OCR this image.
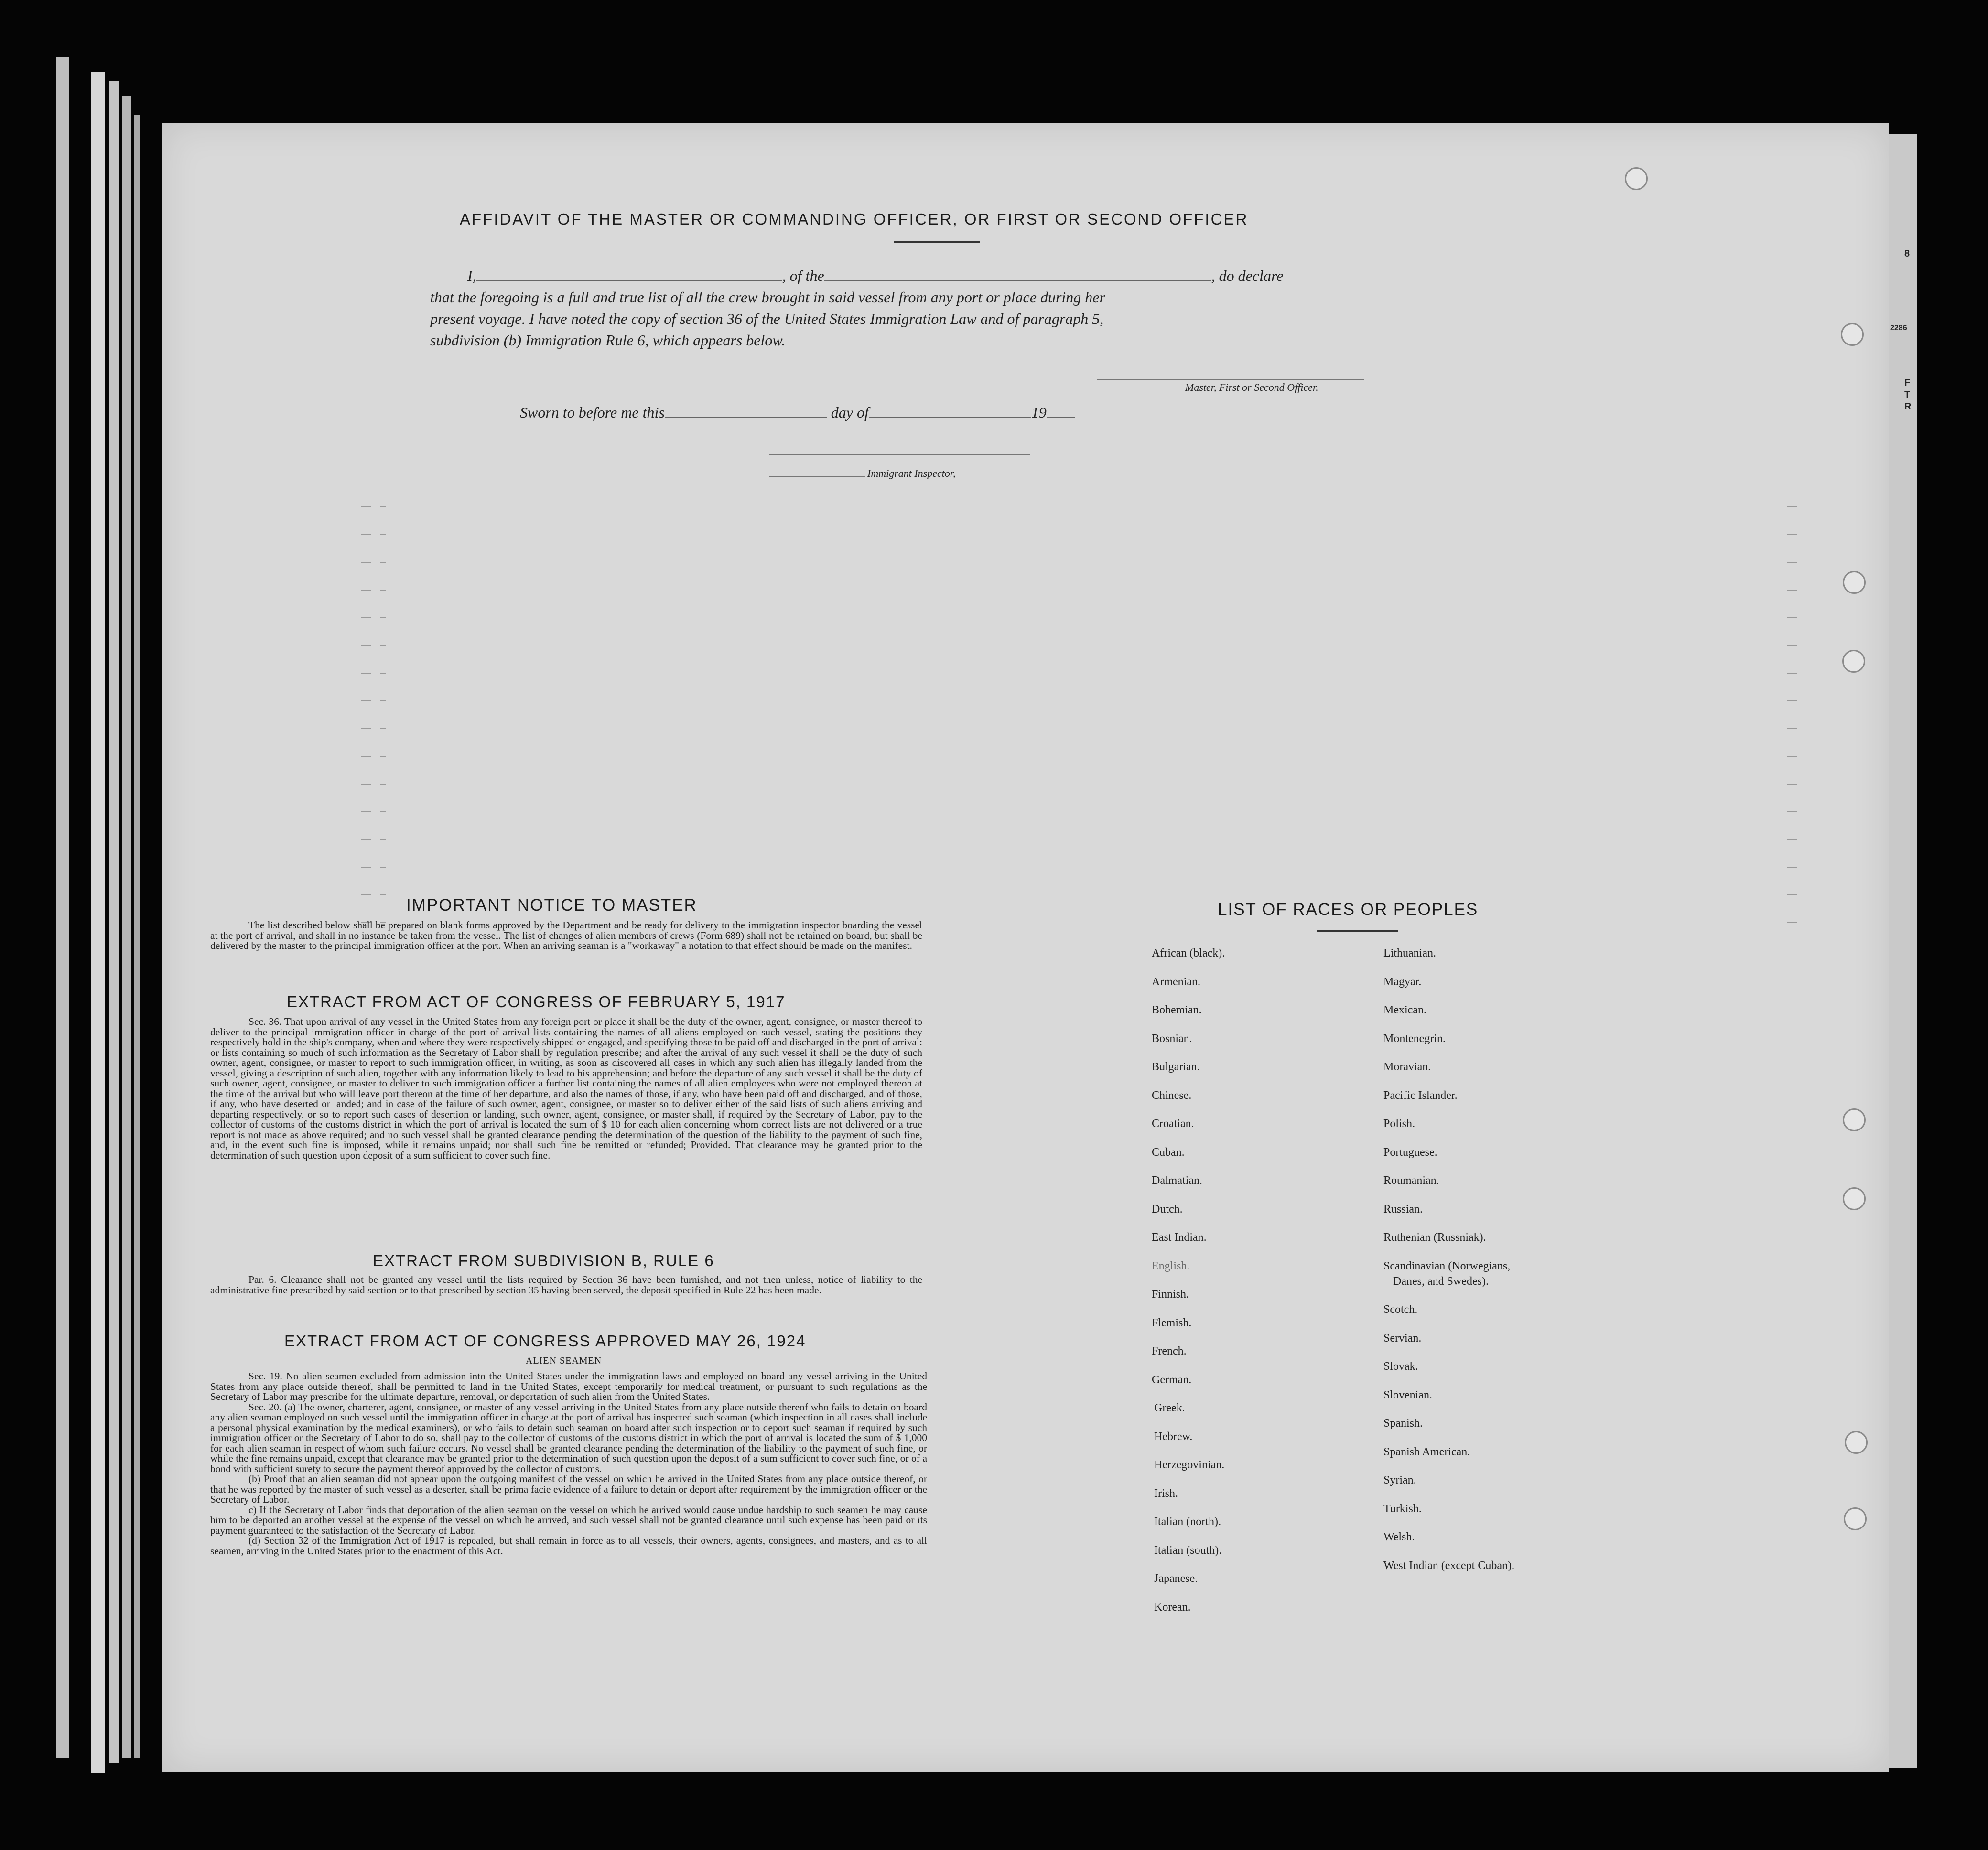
8
2286
F
T
R
AFFIDAVIT OF THE MASTER OR COMMANDING OFFICER, OR FIRST OR SECOND OFFICER
I,	, of the	, do declare
that the foregoing is a full and true list of all the crew brought in said vessel from any port or place during her
present voyage. I have noted the copy of section 36 of the United States Immigration Law and of paragraph 5,
subdivision (b) Immigration Rule 6, which appears below.
Master, First or Second Officer.
Sworn to before me this	day of	19
Immigrant Inspector,
IMPORTANT NOTICE TO MASTER

The list described below shall be prepared on blank forms approved by the Department and be ready for delivery to the immigration inspector boarding the vessel at the port of arrival, and shall in no instance be taken from the vessel. The list of changes of alien members of crews (Form 689) shall not be retained on board, but shall be delivered by the master to the principal immigration officer at the port. When an arriving seaman is a "workaway" a notation to that effect should be made on the manifest.

EXTRACT FROM ACT OF CONGRESS OF FEBRUARY 5, 1917

Sec. 36. That upon arrival of any vessel in the United States from any foreign port or place it shall be the duty of the owner, agent, consignee, or master thereof to deliver to the principal immigration officer in charge of the port of arrival lists containing the names of all aliens employed on such vessel, stating the positions they respectively hold in the ship's company, when and where they were respectively shipped or engaged, and specifying those to be paid off and discharged in the port of arrival: or lists containing so much of such information as the Secretary of Labor shall by regulation prescribe; and after the arrival of any such vessel it shall be the duty of such owner, agent, consignee, or master to report to such immigration officer, in writing, as soon as discovered all cases in which any such alien has illegally landed from the vessel, giving a description of such alien, together with any information likely to lead to his apprehension; and before the departure of any such vessel it shall be the duty of such owner, agent, consignee, or master to deliver to such immigration officer a further list containing the names of all alien employees who were not employed thereon at the time of the arrival but who will leave port thereon at the time of her departure, and also the names of those, if any, who have been paid off and discharged, and of those, if any, who have deserted or landed; and in case of the failure of such owner, agent, consignee, or master so to deliver either of the said lists of such aliens arriving and departing respectively, or so to report such cases of desertion or landing, such owner, agent, consignee, or master shall, if required by the Secretary of Labor, pay to the collector of customs of the customs district in which the port of arrival is located the sum of $ 10 for each alien concerning whom correct lists are not delivered or a true report is not made as above required; and no such vessel shall be granted clearance pending the determination of the question of the liability to the payment of such fine, and, in the event such fine is imposed, while it remains unpaid; nor shall such fine be remitted or refunded; Provided. That clearance may be granted prior to the determination of such question upon deposit of a sum sufficient to cover such fine.

EXTRACT FROM SUBDIVISION B, RULE 6

Par. 6. Clearance shall not be granted any vessel until the lists required by Section 36 have been furnished, and not then unless, notice of liability to the administrative fine prescribed by said section or to that prescribed by section 35 having been served, the deposit specified in Rule 22 has been made.

EXTRACT FROM ACT OF CONGRESS APPROVED MAY 26, 1924
ALIEN SEAMEN

Sec. 19. No alien seamen excluded from admission into the United States under the immigration laws and employed on board any vessel arriving in the United States from any place outside thereof, shall be permitted to land in the United States, except temporarily for medical treatment, or pursuant to such regulations as the Secretary of Labor may prescribe for the ultimate departure, removal, or deportation of such alien from the United States.

Sec. 20. (a) The owner, charterer, agent, consignee, or master of any vessel arriving in the United States from any place outside thereof who fails to detain on board any alien seaman employed on such vessel until the immigration officer in charge at the port of arrival has inspected such seaman (which inspection in all cases shall include a personal physical examination by the medical examiners), or who fails to detain such seaman on board after such inspection or to deport such seaman if required by such immigration officer or the Secretary of Labor to do so, shall pay to the collector of customs of the customs district in which the port of arrival is located the sum of $ 1,000 for each alien seaman in respect of whom such failure occurs. No vessel shall be granted clearance pending the determination of the liability to the payment of such fine, or while the fine remains unpaid, except that clearance may be granted prior to the determination of such question upon the deposit of a sum sufficient to cover such fine, or of a bond with sufficient surety to secure the payment thereof approved by the collector of customs.

(b) Proof that an alien seaman did not appear upon the outgoing manifest of the vessel on which he arrived in the United States from any place outside thereof, or that he was reported by the master of such vessel as a deserter, shall be prima facie evidence of a failure to detain or deport after requirement by the immigration officer or the Secretary of Labor.

c) If the Secretary of Labor finds that deportation of the alien seaman on the vessel on which he arrived would cause undue hardship to such seamen he may cause him to be deported an another vessel at the expense of the vessel on which he arrived, and such vessel shall not be granted clearance until such expense has been paid or its payment guaranteed to the satisfaction of the Secretary of Labor.

(d) Section 32 of the Immigration Act of 1917 is repealed, but shall remain in force as to all vessels, their owners, agents, consignees, and masters, and as to all seamen, arriving in the United States prior to the enactment of this Act.

LIST OF RACES OR PEOPLES
African (black).
Armenian.
Bohemian.
Bosnian.
Bulgarian.
Chinese.
Croatian.
Cuban.
Dalmatian.
Dutch.
East Indian.
English.
Finnish.
Flemish.
French.
German.
Greek.
Hebrew.
Herzegovinian.
Irish.
Italian (north).
Italian (south).
Japanese.
Korean.
Lithuanian.
Magyar.
Mexican.
Montenegrin.
Moravian.
Pacific Islander.
Polish.
Portuguese.
Roumanian.
Russian.
Ruthenian (Russniak).
Scandinavian (Norwegians,
Danes, and Swedes).
Scotch.
Servian.
Slovak.
Slovenian.
Spanish.
Spanish American.
Syrian.
Turkish.
Welsh.
West Indian (except Cuban).
